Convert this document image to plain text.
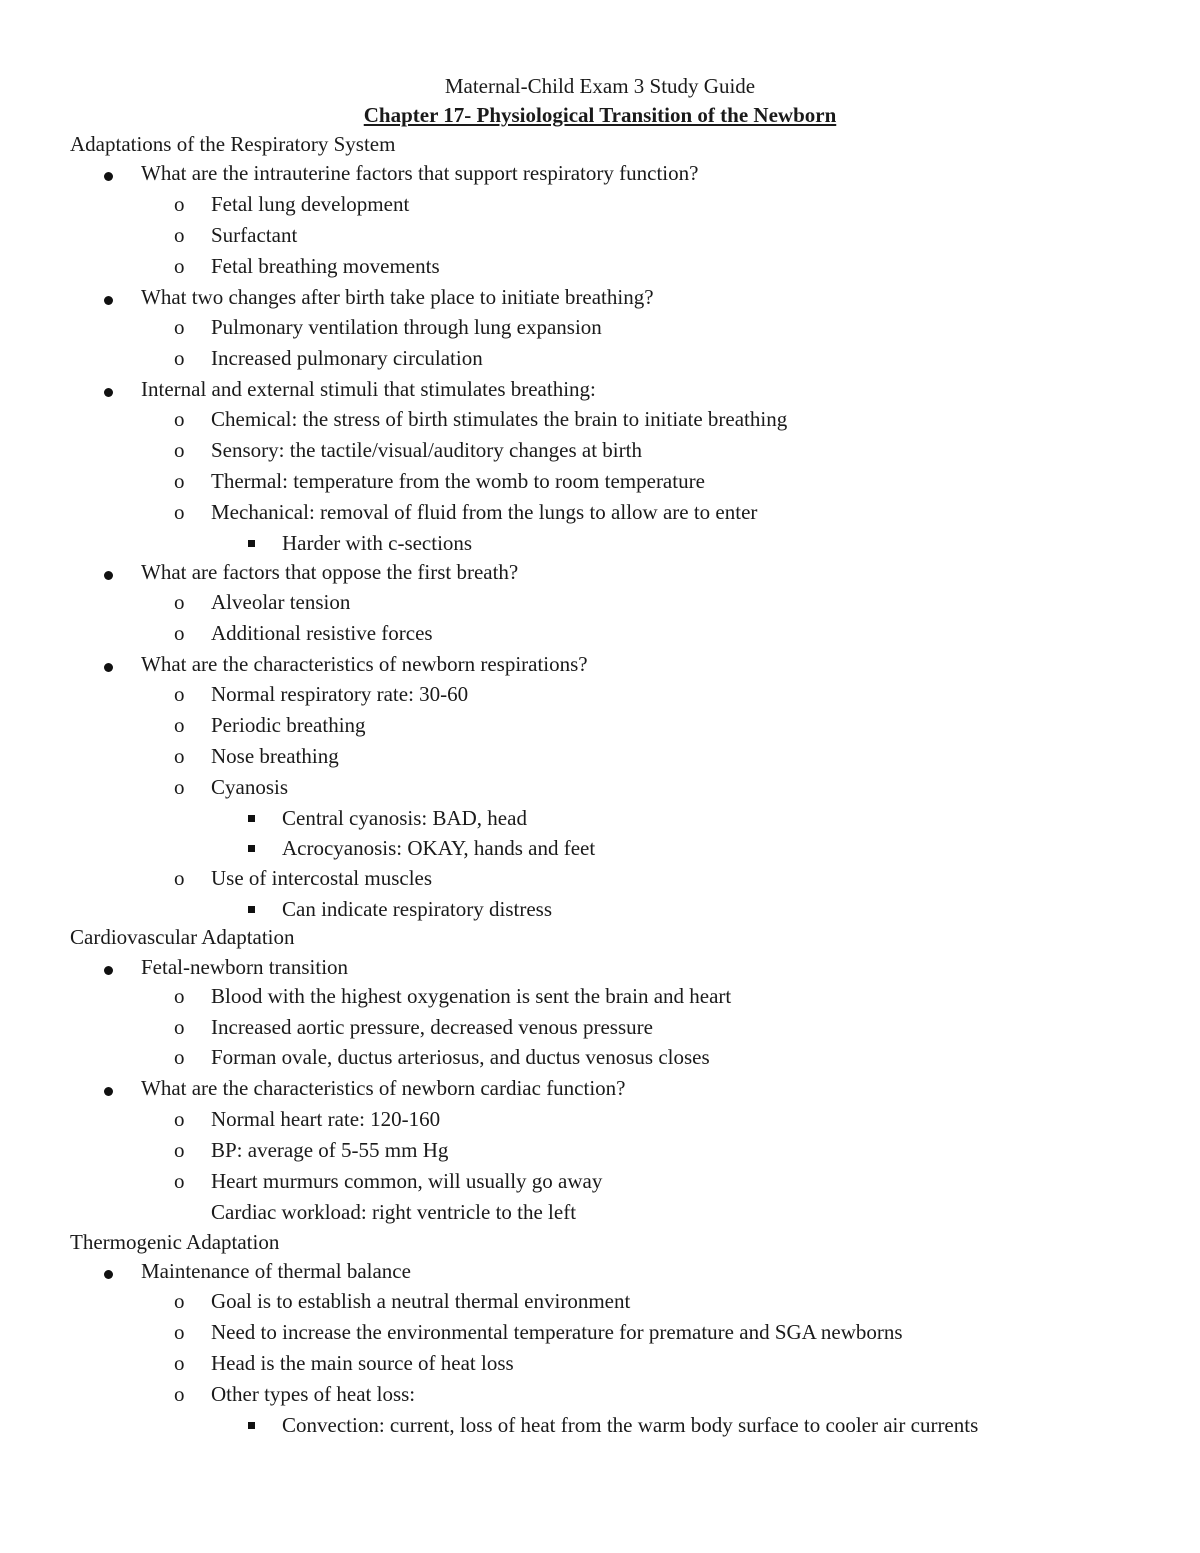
Maternal-Child Exam 3 Study Guide
Chapter 17- Physiological Transition of the Newborn
Adaptations of the Respiratory System
What are the intrauterine factors that support respiratory function?
o Fetal lung development
o Surfactant
o Fetal breathing movements
What two changes after birth take place to initiate breathing?
o Pulmonary ventilation through lung expansion
o Increased pulmonary circulation
Internal and external stimuli that stimulates breathing:
o Chemical: the stress of birth stimulates the brain to initiate breathing
o Sensory: the tactile/visual/auditory changes at birth
o Thermal: temperature from the womb to room temperature
o Mechanical: removal of fluid from the lungs to allow are to enter
Harder with c-sections
What are factors that oppose the first breath?
o Alveolar tension
o Additional resistive forces
What are the characteristics of newborn respirations?
o Normal respiratory rate: 30-60
o Periodic breathing
o Nose breathing
o Cyanosis
Central cyanosis: BAD, head
Acrocyanosis: OKAY, hands and feet
o Use of intercostal muscles
Can indicate respiratory distress
Cardiovascular Adaptation
Fetal-newborn transition
o Blood with the highest oxygenation is sent the brain and heart
o Increased aortic pressure, decreased venous pressure
o Forman ovale, ductus arteriosus, and ductus venosus closes
What are the characteristics of newborn cardiac function?
o Normal heart rate: 120-160
o BP: average of 5-55 mm Hg
o Heart murmurs common, will usually go away
Cardiac workload: right ventricle to the left
Thermogenic Adaptation
Maintenance of thermal balance
o Goal is to establish a neutral thermal environment
o Need to increase the environmental temperature for premature and SGA newborns
o Head is the main source of heat loss
o Other types of heat loss:
Convection: current, loss of heat from the warm body surface to cooler air currents
